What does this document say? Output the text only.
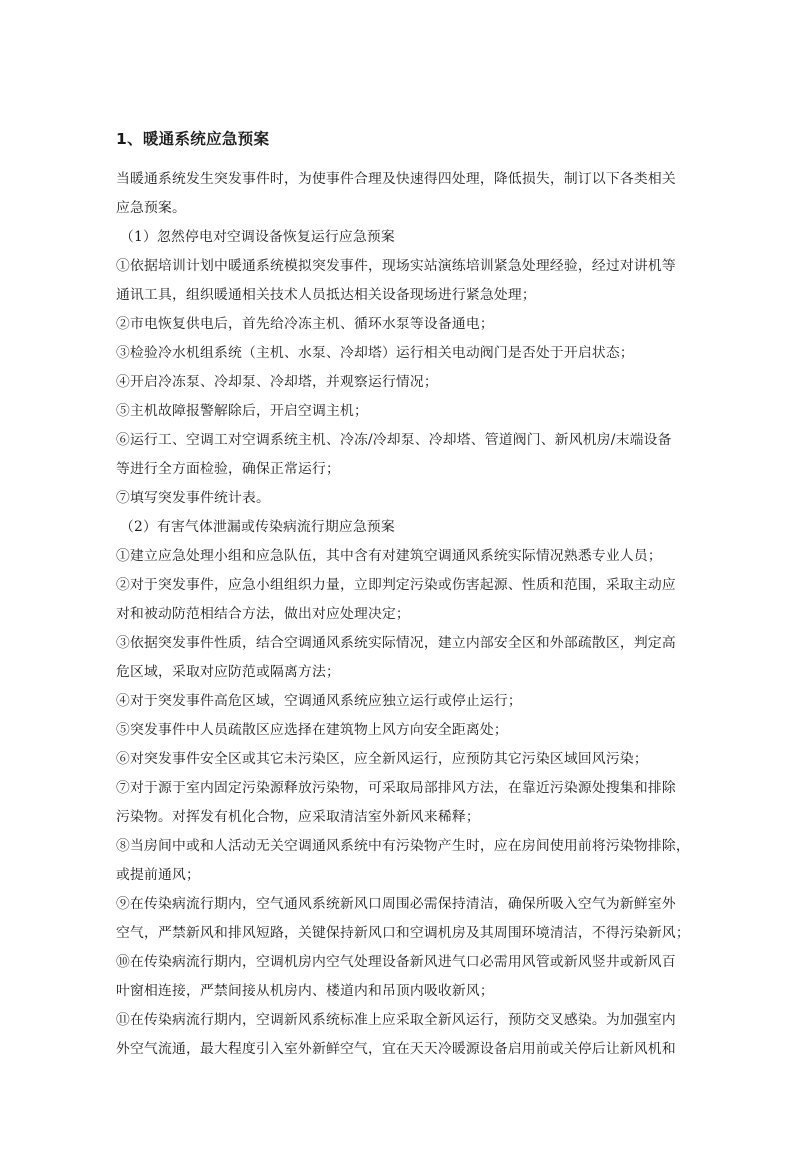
1、暖通系统应急预案
当暖通系统发生突发事件时，为使事件合理及快速得四处理，降低损失，制订以下各类相关
应急预案。
（1）忽然停电对空调设备恢复运行应急预案
①依据培训计划中暖通系统模拟突发事件，现场实站演练培训紧急处理经验，经过对讲机等
通讯工具，组织暖通相关技术人员抵达相关设备现场进行紧急处理；
②市电恢复供电后，首先给冷冻主机、循环水泵等设备通电；
③检验冷水机组系统（主机、水泵、冷却塔）运行相关电动阀门是否处于开启状态；
④开启冷冻泵、冷却泵、冷却塔，并观察运行情况；
⑤主机故障报警解除后，开启空调主机；
⑥运行工、空调工对空调系统主机、冷冻/冷却泵、冷却塔、管道阀门、新风机房/末端设备
等进行全方面检验，确保正常运行；
⑦填写突发事件统计表。
（2）有害气体泄漏或传染病流行期应急预案
①建立应急处理小组和应急队伍，其中含有对建筑空调通风系统实际情况熟悉专业人员；
②对于突发事件，应急小组组织力量，立即判定污染或伤害起源、性质和范围，采取主动应
对和被动防范相结合方法，做出对应处理决定；
③依据突发事件性质，结合空调通风系统实际情况，建立内部安全区和外部疏散区，判定高
危区域，采取对应防范或隔离方法；
④对于突发事件高危区域，空调通风系统应独立运行或停止运行；
⑤突发事件中人员疏散区应选择在建筑物上风方向安全距离处；
⑥对突发事件安全区或其它未污染区，应全新风运行，应预防其它污染区域回风污染；
⑦对于源于室内固定污染源释放污染物，可采取局部排风方法，在靠近污染源处搜集和排除
污染物。对挥发有机化合物，应采取清洁室外新风来稀释；
⑧当房间中或和人活动无关空调通风系统中有污染物产生时，应在房间使用前将污染物排除，
或提前通风；
⑨在传染病流行期内，空气通风系统新风口周围必需保持清洁，确保所吸入空气为新鲜室外
空气，严禁新风和排风短路，关键保持新风口和空调机房及其周围环境清洁，不得污染新风；
⑩在传染病流行期内，空调机房内空气处理设备新风进气口必需用风管或新风竖井或新风百
叶窗相连接，严禁间接从机房内、楼道内和吊顶内吸收新风；
⑪在传染病流行期内，空调新风系统标准上应采取全新风运行，预防交叉感染。为加强室内
外空气流通，最大程度引入室外新鲜空气，宜在天天冷暖源设备启用前或关停后让新风机和
